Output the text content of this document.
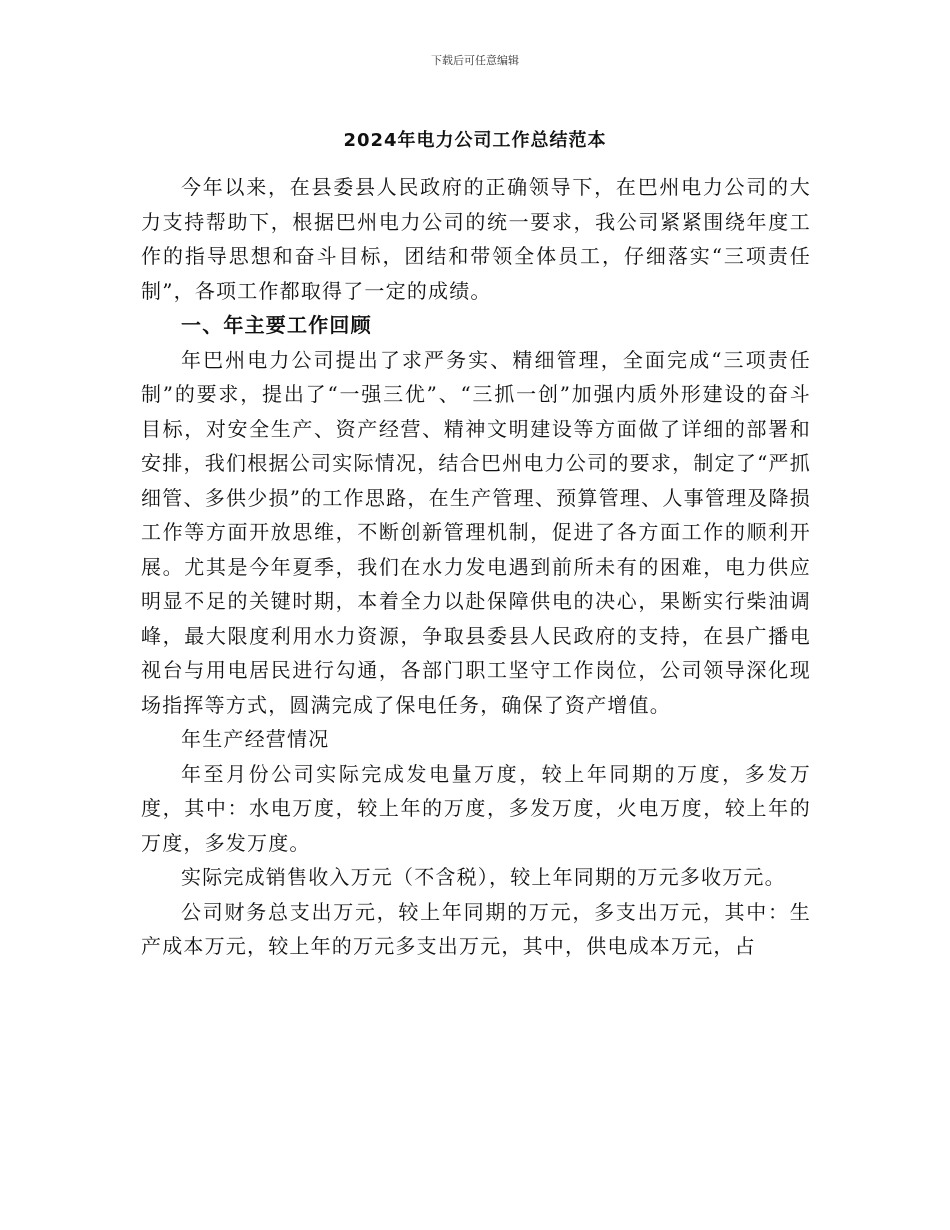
下载后可任意编辑
2024年电力公司工作总结范本

今年以来，在县委县人民政府的正确领导下，在巴州电力公司的大力支持帮助下，根据巴州电力公司的统一要求，我公司紧紧围绕年度工作的指导思想和奋斗目标，团结和带领全体员工，仔细落实“三项责任制”，各项工作都取得了一定的成绩。

一、年主要工作回顾

年巴州电力公司提出了求严务实、精细管理，全面完成“三项责任制”的要求，提出了“一强三优”、“三抓一创”加强内质外形建设的奋斗目标，对安全生产、资产经营、精神文明建设等方面做了详细的部署和安排，我们根据公司实际情况，结合巴州电力公司的要求，制定了“严抓细管、多供少损”的工作思路，在生产管理、预算管理、人事管理及降损工作等方面开放思维，不断创新管理机制，促进了各方面工作的顺利开展。尤其是今年夏季，我们在水力发电遇到前所未有的困难，电力供应明显不足的关键时期，本着全力以赴保障供电的决心，果断实行柴油调峰，最大限度利用水力资源，争取县委县人民政府的支持，在县广播电视台与用电居民进行勾通，各部门职工坚守工作岗位，公司领导深化现场指挥等方式，圆满完成了保电任务，确保了资产增值。

年生产经营情况

年至月份公司实际完成发电量万度，较上年同期的万度，多发万度，其中：水电万度，较上年的万度，多发万度，火电万度，较上年的万度，多发万度。

实际完成销售收入万元（不含税），较上年同期的万元多收万元。

公司财务总支出万元，较上年同期的万元，多支出万元，其中：生产成本万元，较上年的万元多支出万元，其中，供电成本万元，占
